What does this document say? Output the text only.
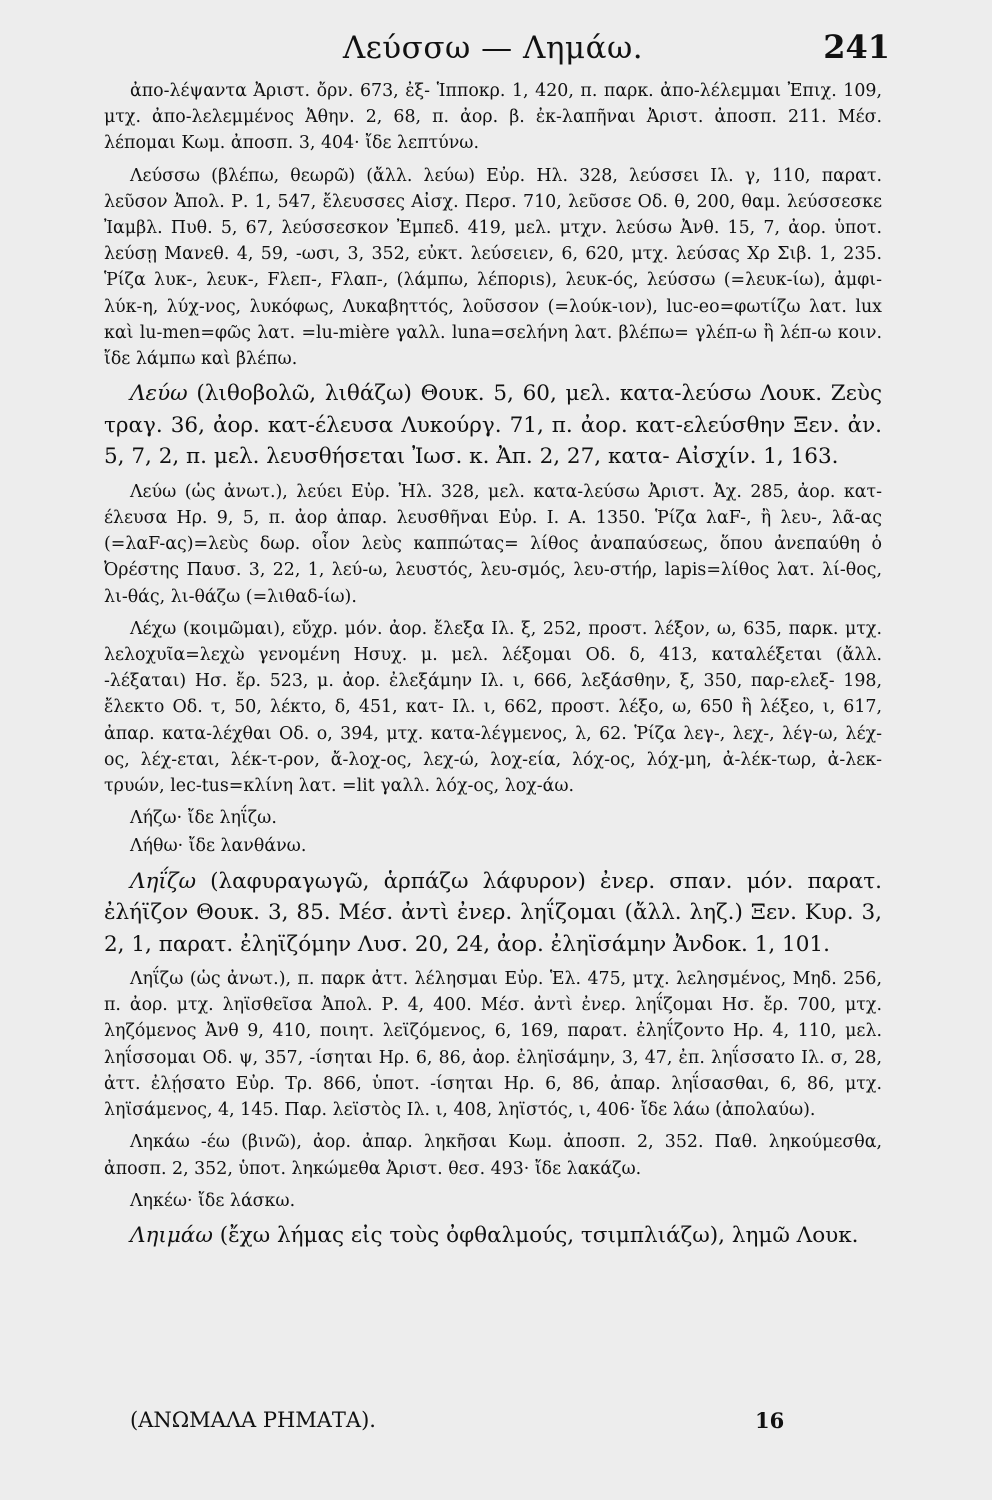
Λεύσσω — Λημάω.	241

ἀπο-λέψαντα Ἀριστ. ὄρν. 673, ἐξ- Ἱπποκρ. 1, 420, π. παρκ. ἀπο-λέλεμμαι Ἐπιχ. 109, μτχ. ἀπο-λελεμμένος Ἀθην. 2, 68, π. ἀορ. β. ἐκ-λαπῆναι Ἀριστ. ἀποσπ. 211. Μέσ. λέπομαι Κωμ. ἀποσπ. 3, 404· ἴδε λεπτύνω.

Λεύσσω (βλέπω, θεωρῶ) (ἄλλ. λεύω) Εὐρ. Ηλ. 328, λεύσσει Ιλ. γ, 110, παρατ. λεῦσον Ἀπολ. Ρ. 1, 547, ἔλευσσες Αἰσχ. Περσ. 710, λεῦσσε Οδ. θ, 200, θαμ. λεύσσεσκε Ἰαμβλ. Πυθ. 5, 67, λεύσσεσκον Ἐμπεδ. 419, μελ. μτχν. λεύσω Ἀνθ. 15, 7, ἀορ. ὑποτ. λεύσῃ Μανεθ. 4, 59, -ωσι, 3, 352, εὐκτ. λεύσειεν, 6, 620, μτχ. λεύσας Χρ Σιβ. 1, 235. Ῥίζα λυκ-, λευκ-, Fλεπ-, Fλαπ-, (λάμπω, λέποριs), λευκ-ός, λεύσσω (=λευκ-ίω), ἀμφι-λύκ-η, λύχ-νος, λυκόφως, Λυκαβηττός, λοῦσσον (=λούκ-ιον), luc-eo=φωτίζω λατ. lux καὶ lu-men=φῶς λατ. =lu-mière γαλλ. luna=σελήνη λατ. βλέπω= γλέπ-ω ἢ λέπ-ω κοιν. ἴδε λάμπω καὶ βλέπω.

Λεύω (λιθοβολῶ, λιθάζω) Θουκ. 5, 60, μελ. κατα-λεύσω Λουκ. Ζεὺς τραγ. 36, ἀορ. κατ-έλευσα Λυκούργ. 71, π. ἀορ. κατ-ελεύσθην Ξεν. ἀν. 5, 7, 2, π. μελ. λευσθήσεται Ἰωσ. κ. Ἀπ. 2, 27, κατα- Αἰσχίν. 1, 163.

Λεύω (ὡς ἀνωτ.), λεύει Εὐρ. Ἠλ. 328, μελ. κατα-λεύσω Ἀριστ. Ἀχ. 285, ἀορ. κατ-έλευσα Ηρ. 9, 5, π. ἀορ ἀπαρ. λευσθῆναι Εὐρ. Ι. Α. 1350. Ῥίζα λαF-, ἢ λευ-, λᾶ-ας (=λαF-ας)=λεὺς δωρ. οἷον λεὺς καππώτας= λίθος ἀναπαύσεως, ὅπου ἀνεπαύθη ὁ Ὀρέστης Παυσ. 3, 22, 1, λεύ-ω, λευστός, λευ-σμός, λευ-στήρ, lapis=λίθος λατ. λί-θος, λι-θάς, λι-θάζω (=λιθαδ-ίω).

Λέχω (κοιμῶμαι), εὔχρ. μόν. ἀορ. ἔλεξα Ιλ. ξ, 252, προστ. λέξον, ω, 635, παρκ. μτχ. λελοχυῖα=λεχὼ γενομένη Ησυχ. μ. μελ. λέξομαι Οδ. δ, 413, καταλέξεται (ἄλλ. -λέξαται) Ησ. ἔρ. 523, μ. ἀορ. ἐλεξάμην Ιλ. ι, 666, λεξάσθην, ξ, 350, παρ-ελεξ- 198, ἔλεκτο Οδ. τ, 50, λέκτο, δ, 451, κατ- Ιλ. ι, 662, προστ. λέξο, ω, 650 ἢ λέξεο, ι, 617, ἀπαρ. κατα-λέχθαι Οδ. ο, 394, μτχ. κατα-λέγμενος, λ, 62. Ῥίζα λεγ-, λεχ-, λέγ-ω, λέχ-ος, λέχ-εται, λέκ-τ-ρον, ἄ-λοχ-ος, λεχ-ώ, λοχ-εία, λόχ-ος, λόχ-μη, ἀ-λέκ-τωρ, ἀ-λεκ-τρυών, lec-tus=κλίνη λατ. =lit γαλλ. λόχ-ος, λοχ-άω.

Λήζω· ἴδε ληΐζω.

Λήθω· ἴδε λανθάνω.

Ληΐζω (λαφυραγωγῶ, ἁρπάζω λάφυρον) ἐνερ. σπαν. μόν. παρατ. ἐλήϊζον Θουκ. 3, 85. Μέσ. ἀντὶ ἐνερ. ληΐζομαι (ἄλλ. ληζ.) Ξεν. Κυρ. 3, 2, 1, παρατ. ἐληϊζόμην Λυσ. 20, 24, ἀορ. ἐληϊσάμην Ἀνδοκ. 1, 101.

Ληΐζω (ὡς ἀνωτ.), π. παρκ ἀττ. λέλησμαι Εὐρ. Ἑλ. 475, μτχ. λελησμένος, Μηδ. 256, π. ἀορ. μτχ. ληϊσθεῖσα Ἀπολ. Ρ. 4, 400. Μέσ. ἀντὶ ἐνερ. ληΐζομαι Ησ. ἔρ. 700, μτχ. ληζόμενος Ἀνθ 9, 410, ποιητ. λεϊζόμενος, 6, 169, παρατ. ἐληΐζοντο Ηρ. 4, 110, μελ. ληΐσσομαι Οδ. ψ, 357, -ίσηται Ηρ. 6, 86, ἀορ. ἐληϊσάμην, 3, 47, ἐπ. ληΐσσατο Ιλ. σ, 28, ἀττ. ἐλῄσατο Εὐρ. Τρ. 866, ὑποτ. -ίσηται Ηρ. 6, 86, ἀπαρ. ληΐσασθαι, 6, 86, μτχ. ληϊσάμενος, 4, 145. Παρ. λεϊστὸς Ιλ. ι, 408, ληϊστός, ι, 406· ἴδε λάω (ἀπολαύω).

Ληκάω -έω (βινῶ), ἀορ. ἀπαρ. ληκῆσαι Κωμ. ἀποσπ. 2, 352. Παθ. ληκούμεσθα, ἀποσπ. 2, 352, ὑποτ. ληκώμεθα Ἀριστ. θεσ. 493· ἴδε λακάζω.

Ληκέω· ἴδε λάσκω.

Ληιμάω (ἔχω λήμας εἰς τοὺς ὀφθαλμούς, τσιμπλιάζω), λημῶ Λουκ.

(ΑΝΩΜΑΛΑ ΡΗΜΑΤΑ).	16
